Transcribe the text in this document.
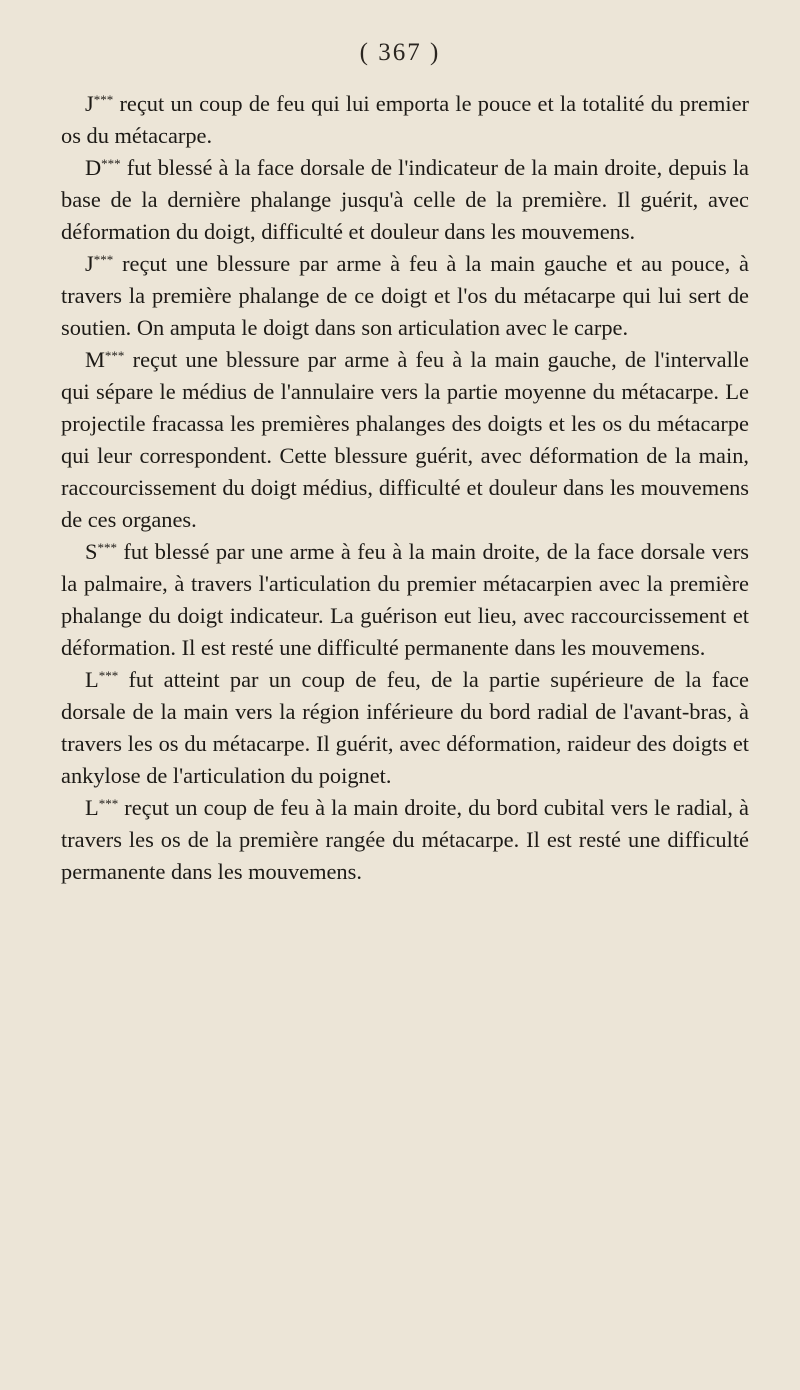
( 367 )

J*** reçut un coup de feu qui lui emporta le pouce et la totalité du premier os du métacarpe.

D*** fut blessé à la face dorsale de l'indicateur de la main droite, depuis la base de la dernière phalange jusqu'à celle de la première. Il guérit, avec déformation du doigt, difficulté et douleur dans les mouvemens.

J*** reçut une blessure par arme à feu à la main gauche et au pouce, à travers la première phalange de ce doigt et l'os du métacarpe qui lui sert de soutien. On amputa le doigt dans son articulation avec le carpe.

M*** reçut une blessure par arme à feu à la main gauche, de l'intervalle qui sépare le médius de l'annulaire vers la partie moyenne du métacarpe. Le projectile fracassa les premières phalanges des doigts et les os du métacarpe qui leur correspondent. Cette blessure guérit, avec déformation de la main, raccourcissement du doigt médius, difficulté et douleur dans les mouvemens de ces organes.

S*** fut blessé par une arme à feu à la main droite, de la face dorsale vers la palmaire, à travers l'articulation du premier métacarpien avec la première phalange du doigt indicateur. La guérison eut lieu, avec raccourcissement et déformation. Il est resté une difficulté permanente dans les mouvemens.

L*** fut atteint par un coup de feu, de la partie supérieure de la face dorsale de la main vers la région inférieure du bord radial de l'avant-bras, à travers les os du métacarpe. Il guérit, avec déformation, raideur des doigts et ankylose de l'articulation du poignet.

L*** reçut un coup de feu à la main droite, du bord cubital vers le radial, à travers les os de la première rangée du métacarpe. Il est resté une difficulté permanente dans les mouvemens.
